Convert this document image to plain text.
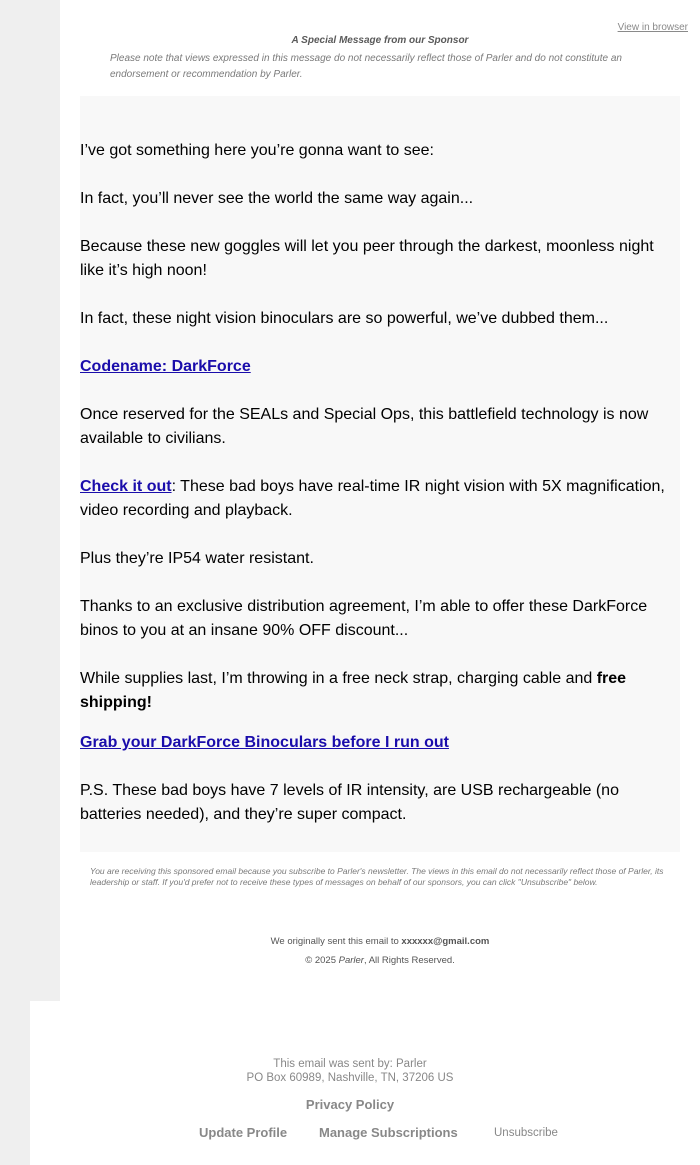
View in browser
A Special Message from our Sponsor
Please note that views expressed in this message do not necessarily reflect those of Parler and do not constitute an endorsement or recommendation by Parler.

I’ve got something here you’re gonna want to see:

In fact, you’ll never see the world the same way again...

Because these new goggles will let you peer through the darkest, moonless night like it’s high noon!

In fact, these night vision binoculars are so powerful, we’ve dubbed them...

Codename: DarkForce

Once reserved for the SEALs and Special Ops, this battlefield technology is now available to civilians.

Check it out: These bad boys have real-time IR night vision with 5X magnification, video recording and playback.

Plus they’re IP54 water resistant.

Thanks to an exclusive distribution agreement, I’m able to offer these DarkForce binos to you at an insane 90% OFF discount...

While supplies last, I’m throwing in a free neck strap, charging cable and free shipping!

Grab your DarkForce Binoculars before I run out

P.S. These bad boys have 7 levels of IR intensity, are USB rechargeable (no batteries needed), and they’re super compact.

You are receiving this sponsored email because you subscribe to Parler's newsletter. The views in this email do not necessarily reflect those of Parler, its leadership or staff. If you'd prefer not to receive these types of messages on behalf of our sponsors, you can click "Unsubscribe" below.
We originally sent this email to xxxxxx@gmail.com
© 2025 Parler, All Rights Reserved.
This email was sent by: Parler
PO Box 60989, Nashville, TN, 37206 US
Privacy Policy
Update Profile Manage Subscriptions	Unsubscribe
